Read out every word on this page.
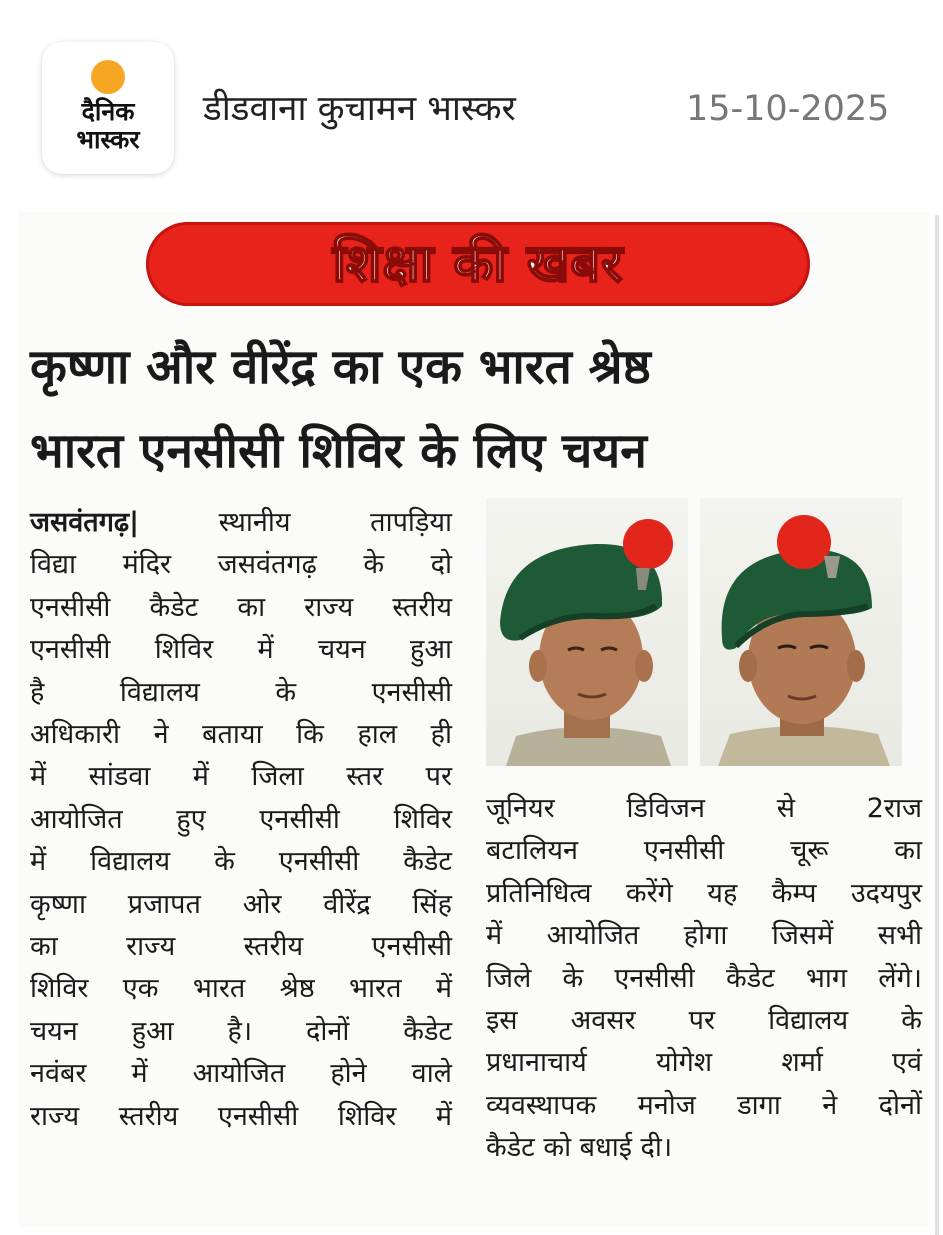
दैनिक
भास्कर
डीडवाना कुचामन भास्कर	15-10-2025
शिक्षा की खबर
कृष्णा और वीरेंद्र का एक भारत श्रेष्ठ
भारत एनसीसी शिविर के लिए चयन
जसवंतगढ़| स्थानीय तापड़िया
विद्या मंदिर जसवंतगढ़ के दो
एनसीसी कैडेट का राज्य स्तरीय
एनसीसी शिविर में चयन हुआ
है विद्यालय के एनसीसी
अधिकारी ने बताया कि हाल ही
में सांडवा में जिला स्तर पर
आयोजित हुए एनसीसी शिविर
में विद्यालय के एनसीसी कैडेट
कृष्णा प्रजापत ओर वीरेंद्र सिंह
का राज्य स्तरीय एनसीसी
शिविर एक भारत श्रेष्ठ भारत में
चयन हुआ है। दोनों कैडेट
नवंबर में आयोजित होने वाले
राज्य स्तरीय एनसीसी शिविर में
जूनियर डिविजन से 2राज
बटालियन एनसीसी चूरू का
प्रतिनिधित्व करेंगे यह कैम्प उदयपुर
में आयोजित होगा जिसमें सभी
जिले के एनसीसी कैडेट भाग लेंगे।
इस अवसर पर विद्यालय के
प्रधानाचार्य योगेश शर्मा एवं
व्यवस्थापक मनोज डागा ने दोनों
कैडेट को बधाई दी।
